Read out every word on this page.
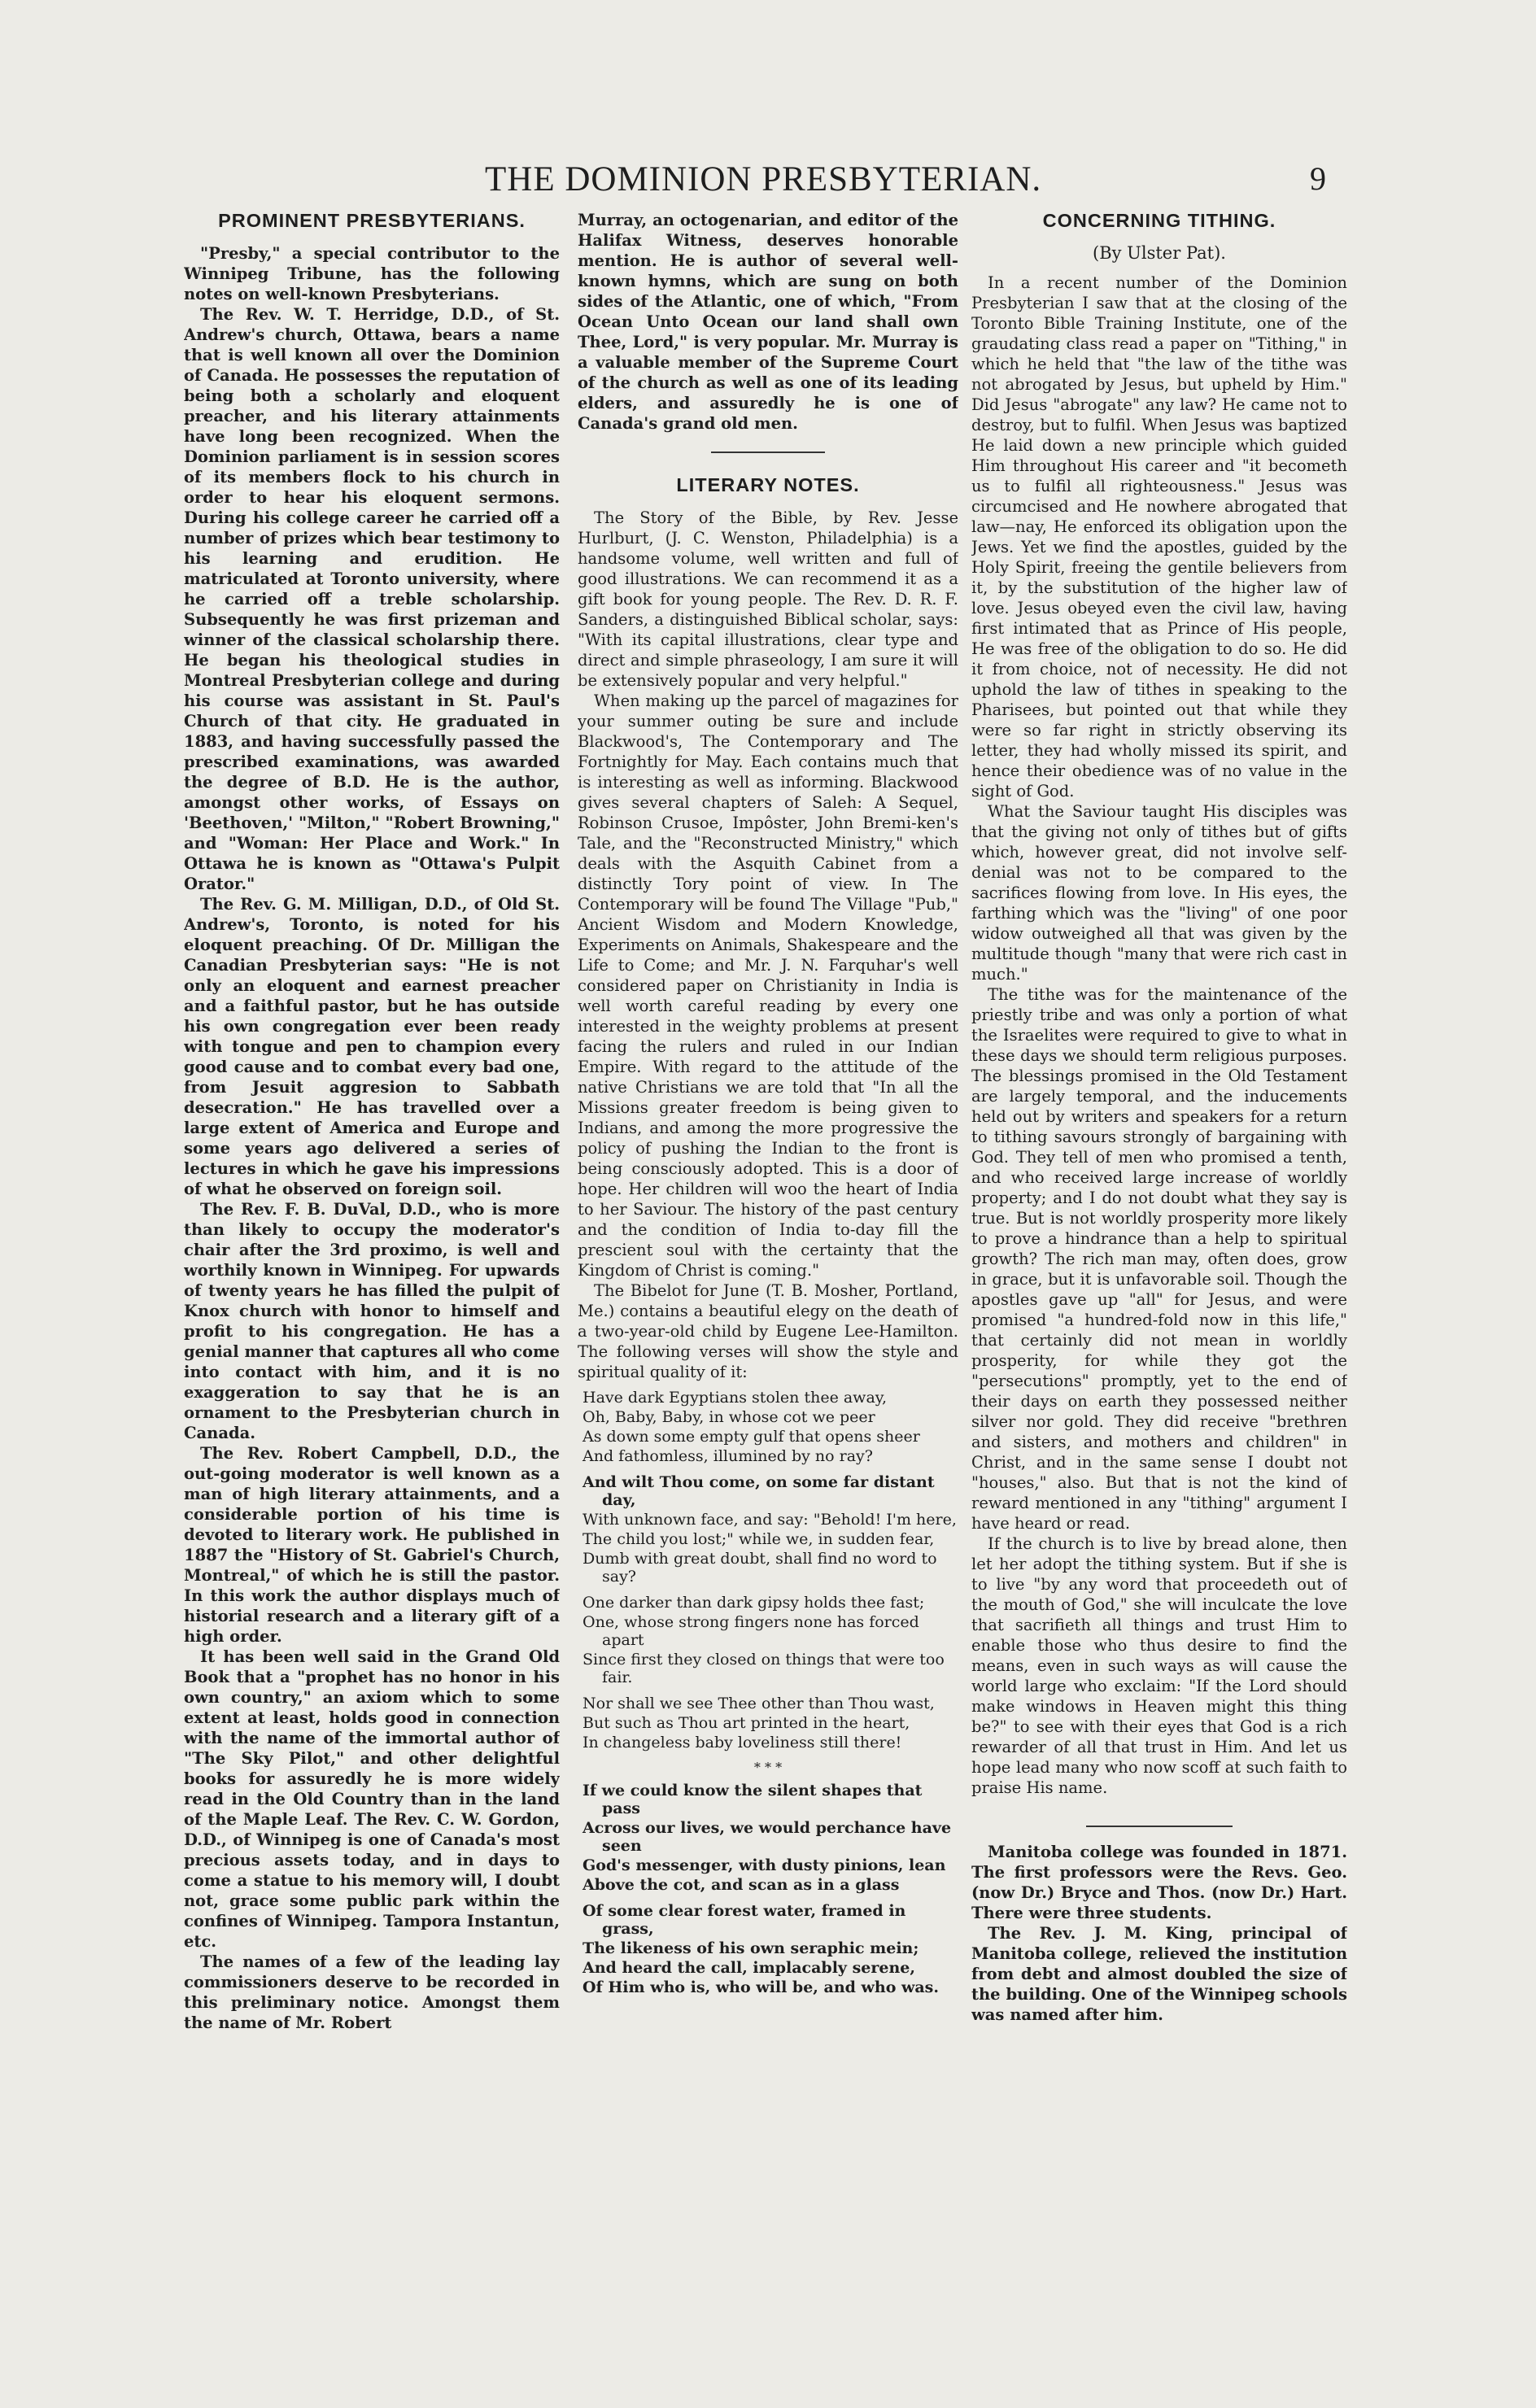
THE DOMINION PRESBYTERIAN.	9
PROMINENT PRESBYTERIANS.

"Presby," a special contributor to the Winnipeg Tribune, has the following notes on well-known Presbyterians.

The Rev. W. T. Herridge, D.D., of St. Andrew's church, Ottawa, bears a name that is well known all over the Dominion of Canada. He possesses the reputation of being both a scholarly and eloquent preacher, and his literary attainments have long been recognized. When the Dominion parliament is in session scores of its members flock to his church in order to hear his eloquent sermons. During his college career he carried off a number of prizes which bear testimony to his learning and erudition. He matriculated at Toronto university, where he carried off a treble scholarship. Subsequently he was first prizeman and winner of the classical scholarship there. He began his theological studies in Montreal Presbyterian college and during his course was assistant in St. Paul's Church of that city. He graduated in 1883, and having successfully passed the prescribed examinations, was awarded the degree of B.D. He is the author, amongst other works, of Essays on 'Beethoven,' "Milton," "Robert Browning," and "Woman: Her Place and Work." In Ottawa he is known as "Ottawa's Pulpit Orator."

The Rev. G. M. Milligan, D.D., of Old St. Andrew's, Toronto, is noted for his eloquent preaching. Of Dr. Milligan the Canadian Presbyterian says: "He is not only an eloquent and earnest preacher and a faithful pastor, but he has outside his own congregation ever been ready with tongue and pen to champion every good cause and to combat every bad one, from Jesuit aggresion to Sabbath desecration." He has travelled over a large extent of America and Europe and some years ago delivered a series of lectures in which he gave his impressions of what he observed on foreign soil.

The Rev. F. B. DuVal, D.D., who is more than likely to occupy the moderator's chair after the 3rd proximo, is well and worthily known in Winnipeg. For upwards of twenty years he has filled the pulpit of Knox church with honor to himself and profit to his congregation. He has a genial manner that captures all who come into contact with him, and it is no exaggeration to say that he is an ornament to the Presbyterian church in Canada.

The Rev. Robert Campbell, D.D., the out-going moderator is well known as a man of high literary attainments, and a considerable portion of his time is devoted to literary work. He published in 1887 the "History of St. Gabriel's Church, Montreal," of which he is still the pastor. In this work the author displays much of historial research and a literary gift of a high order.

It has been well said in the Grand Old Book that a "prophet has no honor in his own country," an axiom which to some extent at least, holds good in connection with the name of the immortal author of "The Sky Pilot," and other delightful books for assuredly he is more widely read in the Old Country than in the land of the Maple Leaf. The Rev. C. W. Gordon, D.D., of Winnipeg is one of Canada's most precious assets today, and in days to come a statue to his memory will, I doubt not, grace some public park within the confines of Winnipeg. Tampora Instantun, etc.

The names of a few of the leading lay commissioners deserve to be recorded in this preliminary notice. Amongst them the name of Mr. Robert

Murray, an octogenarian, and editor of the Halifax Witness, deserves honorable mention. He is author of several well-known hymns, which are sung on both sides of the Atlantic, one of which, "From Ocean Unto Ocean our land shall own Thee, Lord," is very popular. Mr. Murray is a valuable member of the Supreme Court of the church as well as one of its leading elders, and assuredly he is one of Canada's grand old men.

LITERARY NOTES.

The Story of the Bible, by Rev. Jesse Hurlburt, (J. C. Wenston, Philadelphia) is a handsome volume, well written and full of good illustrations. We can recommend it as a gift book for young people. The Rev. D. R. F. Sanders, a distinguished Biblical scholar, says: "With its capital illustrations, clear type and direct and simple phraseology, I am sure it will be extensively popular and very helpful."

When making up the parcel of magazines for your summer outing be sure and include Blackwood's, The Contemporary and The Fortnightly for May. Each contains much that is interesting as well as informing. Blackwood gives several chapters of Saleh: A Sequel, Robinson Crusoe, Impôster, John Bremi-ken's Tale, and the "Reconstructed Ministry," which deals with the Asquith Cabinet from a distinctly Tory point of view. In The Contemporary will be found The Village "Pub," Ancient Wisdom and Modern Knowledge, Experiments on Animals, Shakespeare and the Life to Come; and Mr. J. N. Farquhar's well considered paper on Christianity in India is well worth careful reading by every one interested in the weighty problems at present facing the rulers and ruled in our Indian Empire. With regard to the attitude of the native Christians we are told that "In all the Missions greater freedom is being given to Indians, and among the more progressive the policy of pushing the Indian to the front is being consciously adopted. This is a door of hope. Her children will woo the heart of India to her Saviour. The history of the past century and the condition of India to-day fill the prescient soul with the certainty that the Kingdom of Christ is coming."

The Bibelot for June (T. B. Mosher, Portland, Me.) contains a beautiful elegy on the death of a two-year-old child by Eugene Lee-Hamilton. The following verses will show the style and spiritual quality of it:

Have dark Egyptians stolen thee away,

Oh, Baby, Baby, in whose cot we peer

As down some empty gulf that opens sheer

And fathomless, illumined by no ray?

And wilt Thou come, on some far distant day,

With unknown face, and say: "Behold! I'm here,

The child you lost;" while we, in sudden fear,

Dumb with great doubt, shall find no word to say?

One darker than dark gipsy holds thee fast;

One, whose strong fingers none has forced apart

Since first they closed on things that were too fair.

Nor shall we see Thee other than Thou wast,

But such as Thou art printed in the heart,

In changeless baby loveliness still there!

* * *

If we could know the silent shapes that pass

Across our lives, we would perchance have seen

God's messenger, with dusty pinions, lean

Above the cot, and scan as in a glass

Of some clear forest water, framed in grass,

The likeness of his own seraphic mein;

And heard the call, implacably serene,

Of Him who is, who will be, and who was.

CONCERNING TITHING.
(By Ulster Pat).

In a recent number of the Dominion Presbyterian I saw that at the closing of the Toronto Bible Training Institute, one of the graudating class read a paper on "Tithing," in which he held that "the law of the tithe was not abrogated by Jesus, but upheld by Him." Did Jesus "abrogate" any law? He came not to destroy, but to fulfil. When Jesus was baptized He laid down a new principle which guided Him throughout His career and "it becometh us to fulfil all righteousness." Jesus was circumcised and He nowhere abrogated that law—nay, He enforced its obligation upon the Jews. Yet we find the apostles, guided by the Holy Spirit, freeing the gentile believers from it, by the substitution of the higher law of love. Jesus obeyed even the civil law, having first intimated that as Prince of His people, He was free of the obligation to do so. He did it from choice, not of necessity. He did not uphold the law of tithes in speaking to the Pharisees, but pointed out that while they were so far right in strictly observing its letter, they had wholly missed its spirit, and hence their obedience was of no value in the sight of God.

What the Saviour taught His disciples was that the giving not only of tithes but of gifts which, however great, did not involve self-denial was not to be compared to the sacrifices flowing from love. In His eyes, the farthing which was the "living" of one poor widow outweighed all that was given by the multitude though "many that were rich cast in much."

The tithe was for the maintenance of the priestly tribe and was only a portion of what the Israelites were required to give to what in these days we should term religious purposes. The blessings promised in the Old Testament are largely temporal, and the inducements held out by writers and speakers for a return to tithing savours strongly of bargaining with God. They tell of men who promised a tenth, and who received large increase of worldly property; and I do not doubt what they say is true. But is not worldly prosperity more likely to prove a hindrance than a help to spiritual growth? The rich man may, often does, grow in grace, but it is unfavorable soil. Though the apostles gave up "all" for Jesus, and were promised "a hundred-fold now in this life," that certainly did not mean in worldly prosperity, for while they got the "persecutions" promptly, yet to the end of their days on earth they possessed neither silver nor gold. They did receive "brethren and sisters, and mothers and children" in Christ, and in the same sense I doubt not "houses," also. But that is not the kind of reward mentioned in any "tithing" argument I have heard or read.

If the church is to live by bread alone, then let her adopt the tithing system. But if she is to live "by any word that proceedeth out of the mouth of God," she will inculcate the love that sacrifieth all things and trust Him to enable those who thus desire to find the means, even in such ways as will cause the world large who exclaim: "If the Lord should make windows in Heaven might this thing be?" to see with their eyes that God is a rich rewarder of all that trust in Him. And let us hope lead many who now scoff at such faith to praise His name.

Manitoba college was founded in 1871. The first professors were the Revs. Geo. (now Dr.) Bryce and Thos. (now Dr.) Hart. There were three students.

The Rev. J. M. King, principal of Manitoba college, relieved the institution from debt and almost doubled the size of the building. One of the Winnipeg schools was named after him.
